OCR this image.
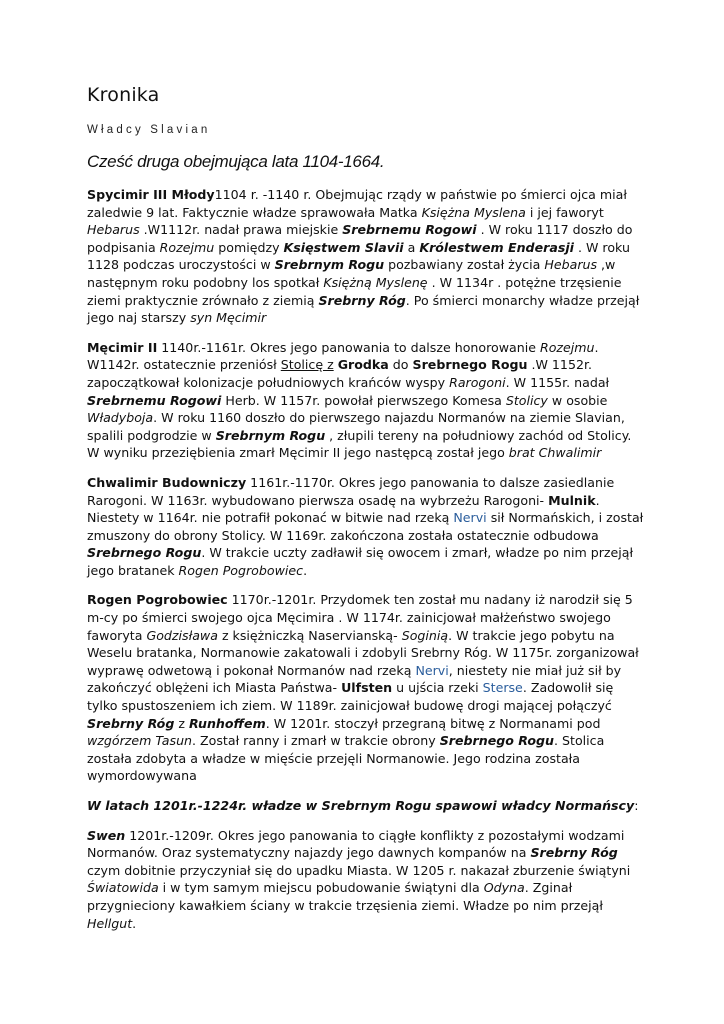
Kronika
Władcy Slavian
Cześć druga obejmująca lata 1104-1664.

Spycimir III Młody1104 r. -1140 r. Obejmując rządy w państwie po śmierci ojca miał zaledwie 9 lat. Faktycznie władze sprawowała Matka Księżna Myslena i jej faworyt Hebarus .W1112r. nadał prawa miejskie Srebrnemu Rogowi . W roku 1117 doszło do podpisania Rozejmu pomiędzy Księstwem Slavii a Królestwem Enderasji . W roku 1128 podczas uroczystości w Srebrnym Rogu pozbawiany został życia Hebarus ,w następnym roku podobny los spotkał Księżną Myslenę . W 1134r . potężne trzęsienie ziemi praktycznie zrównało z ziemią Srebrny Róg. Po śmierci monarchy władze przejął jego naj starszy syn Męcimir

Męcimir II 1140r.-1161r. Okres jego panowania to dalsze honorowanie Rozejmu. W1142r. ostatecznie przeniósł Stolicę z Grodka do Srebrnego Rogu .W 1152r. zapoczątkował kolonizacje południowych krańców wyspy Rarogoni. W 1155r. nadał Srebrnemu Rogowi Herb. W 1157r. powołał pierwszego Komesa Stolicy w osobie Władyboja. W roku 1160 doszło do pierwszego najazdu Normanów na ziemie Slavian, spalili podgrodzie w Srebrnym Rogu , złupili tereny na południowy zachód od Stolicy. W wyniku przeziębienia zmarł Męcimir II jego następcą został jego brat Chwalimir

Chwalimir Budowniczy 1161r.-1170r. Okres jego panowania to dalsze zasiedlanie Rarogoni. W 1163r. wybudowano pierwsza osadę na wybrzeżu Rarogoni- Mulnik. Niestety w 1164r. nie potrafił pokonać w bitwie nad rzeką Nervi sił Normańskich, i został zmuszony do obrony Stolicy. W 1169r. zakończona została ostatecznie odbudowa Srebrnego Rogu. W trakcie uczty zadławił się owocem i zmarł, władze po nim przejął jego bratanek Rogen Pogrobowiec.

Rogen Pogrobowiec 1170r.-1201r. Przydomek ten został mu nadany iż narodził się 5 m-cy po śmierci swojego ojca Męcimira . W 1174r. zainicjował małżeństwo swojego faworyta Godzisława z księżniczką Naservianską- Soginią. W trakcie jego pobytu na Weselu bratanka, Normanowie zakatowali i zdobyli Srebrny Róg. W 1175r. zorganizował wyprawę odwetową i pokonał Normanów nad rzeką Nervi, niestety nie miał już sił by zakończyć oblężeni ich Miasta Państwa- Ulfsten u ujścia rzeki Sterse. Zadowolił się tylko spustoszeniem ich ziem. W 1189r. zainicjował budowę drogi mającej połączyć Srebrny Róg z Runhoffem. W 1201r. stoczył przegraną bitwę z Normanami pod wzgórzem Tasun. Został ranny i zmarł w trakcie obrony Srebrnego Rogu. Stolica została zdobyta a władze w mięście przejęli Normanowie. Jego rodzina została wymordowywana

W latach 1201r.-1224r. władze w Srebrnym Rogu spawowi władcy Normańscy:

Swen 1201r.-1209r. Okres jego panowania to ciągłe konflikty z pozostałymi wodzami Normanów. Oraz systematyczny najazdy jego dawnych kompanów na Srebrny Róg czym dobitnie przyczyniał się do upadku Miasta. W 1205 r. nakazał zburzenie świątyni Światowida i w tym samym miejscu pobudowanie świątyni dla Odyna. Zginał przygnieciony kawałkiem ściany w trakcie trzęsienia ziemi. Władze po nim przejął Hellgut.
